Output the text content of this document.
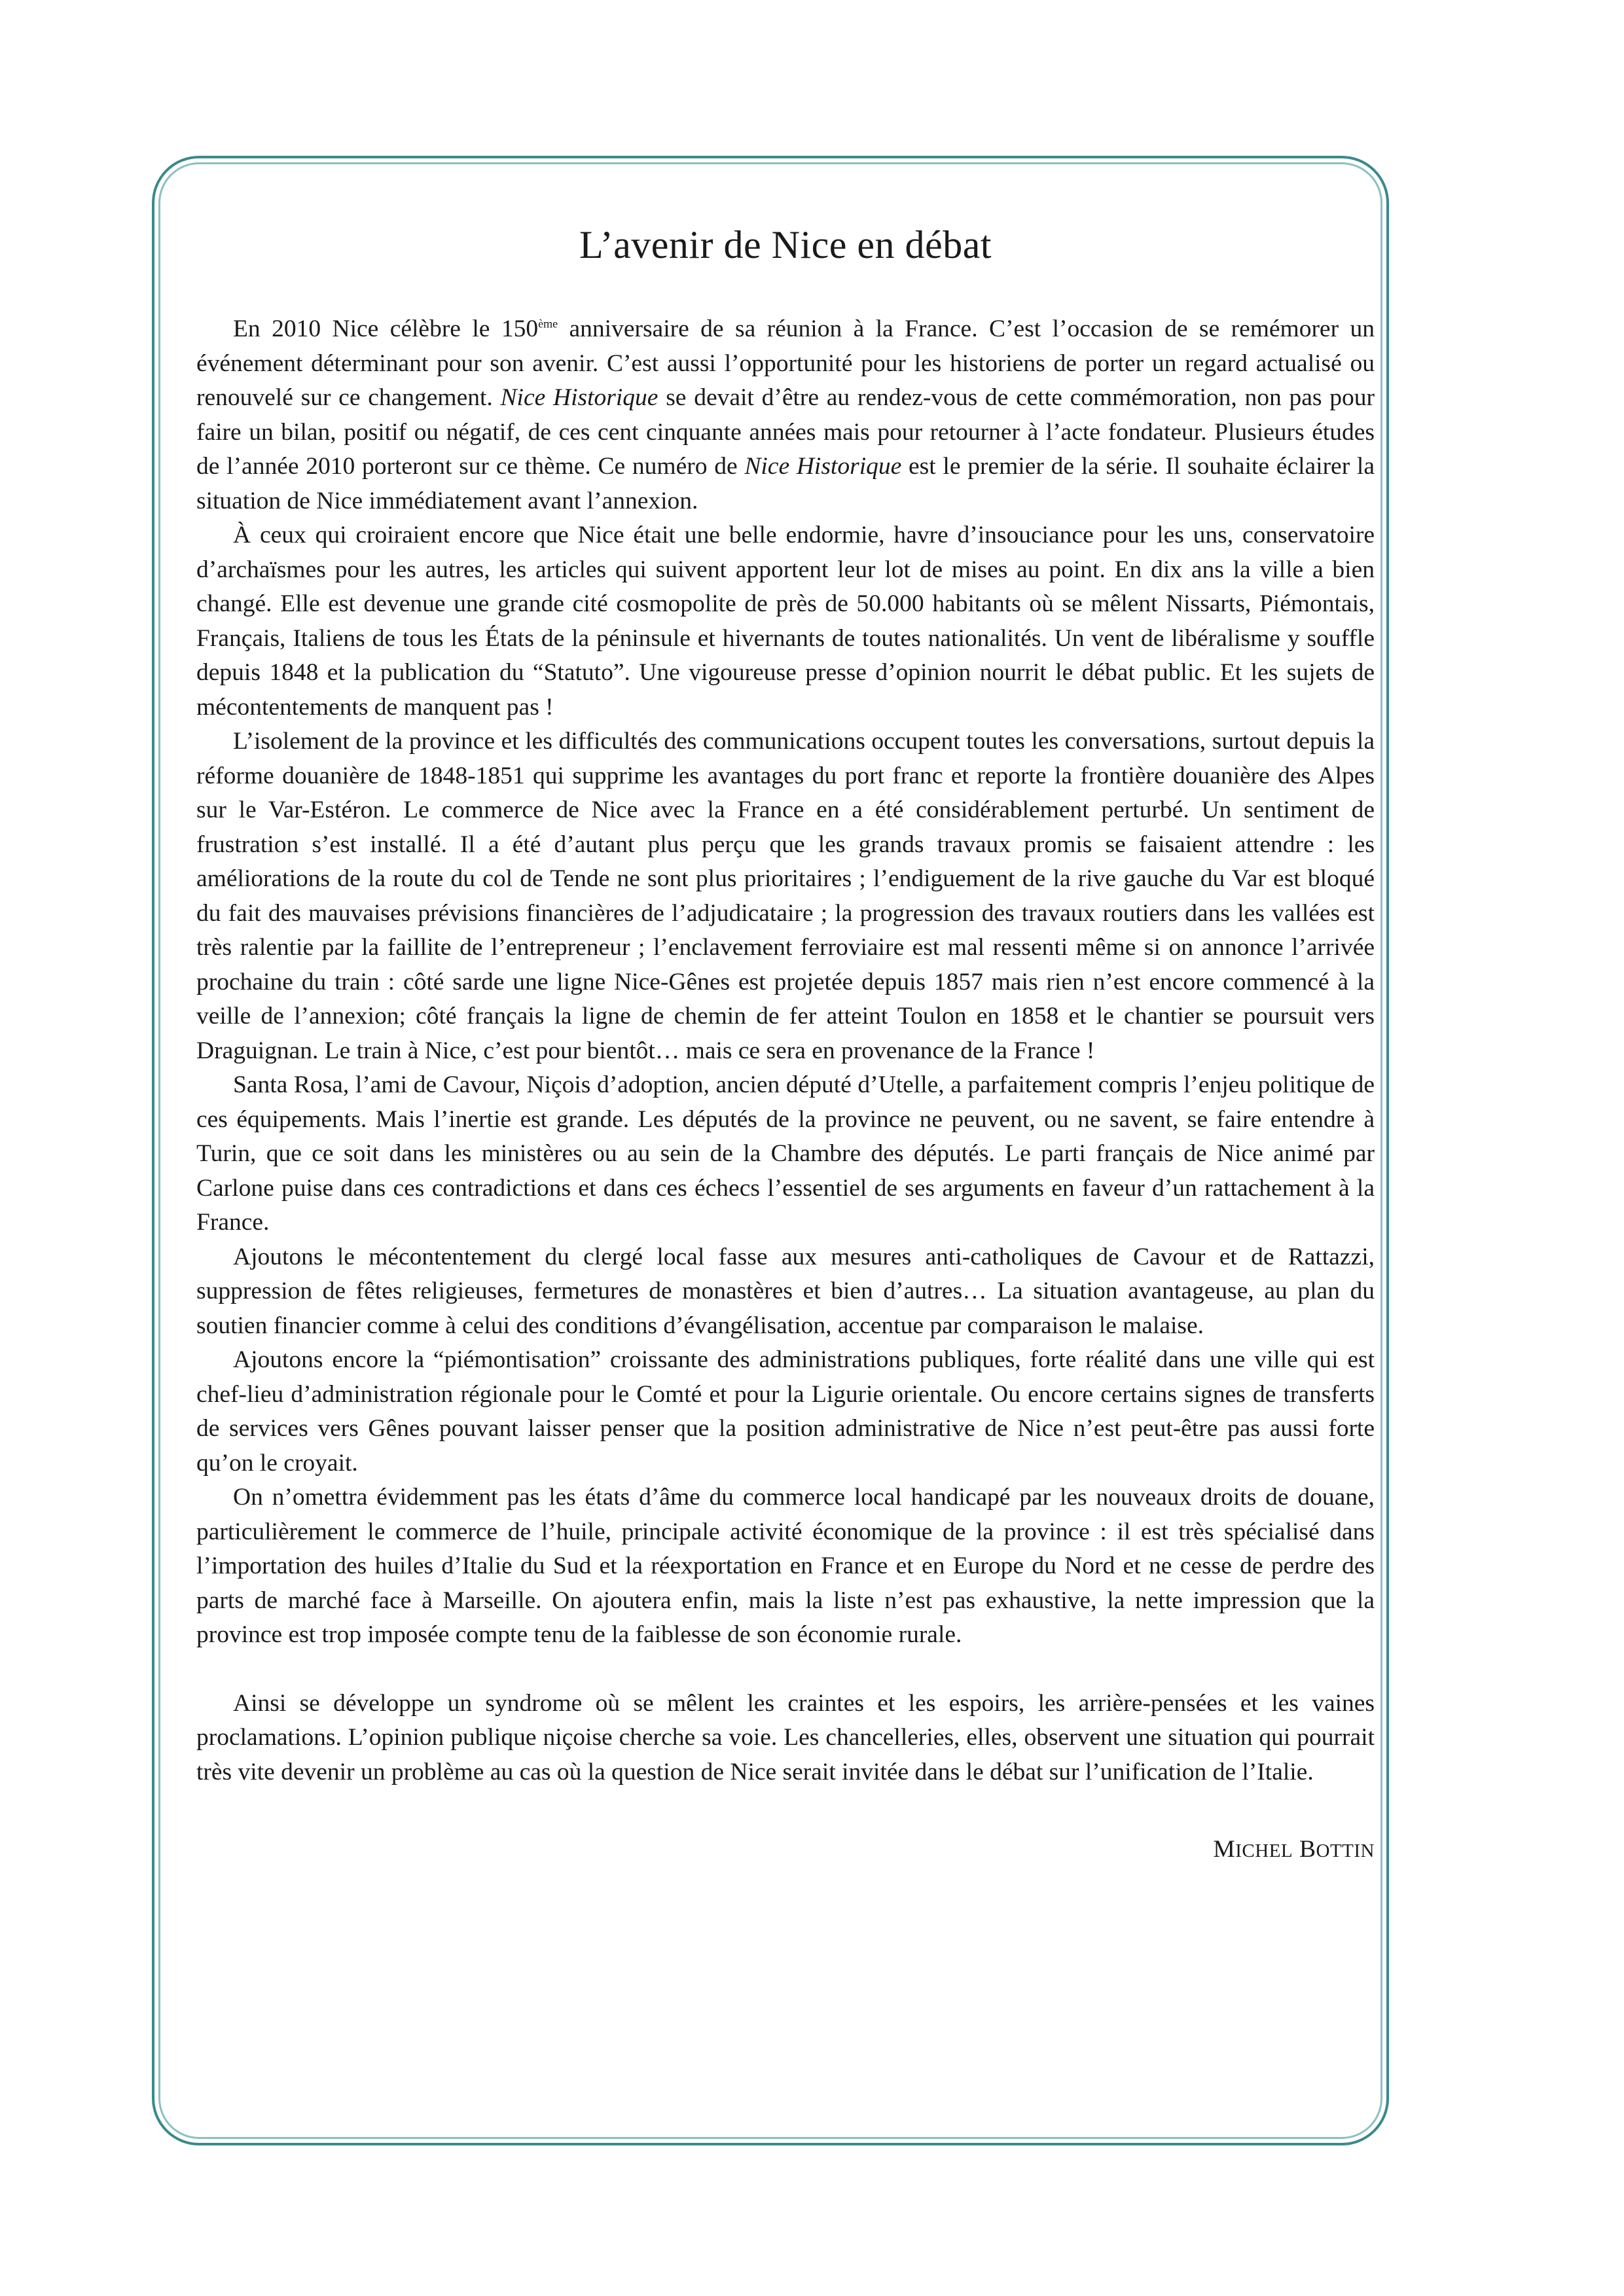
L’avenir de Nice en débat

En 2010 Nice célèbre le 150ème anniversaire de sa réunion à la France. C’est l’occasion de se remémorer un événement déterminant pour son avenir. C’est aussi l’opportunité pour les historiens de porter un regard actualisé ou renouvelé sur ce changement. Nice Historique se devait d’être au rendez-vous de cette commémoration, non pas pour faire un bilan, positif ou négatif, de ces cent cinquante années mais pour retourner à l’acte fondateur. Plusieurs études de l’année 2010 porteront sur ce thème. Ce numéro de Nice Historique est le premier de la série. Il souhaite éclairer la situation de Nice immédiatement avant l’annexion.

À ceux qui croiraient encore que Nice était une belle endormie, havre d’insouciance pour les uns, conservatoire d’archaïsmes pour les autres, les articles qui suivent apportent leur lot de mises au point. En dix ans la ville a bien changé. Elle est devenue une grande cité cosmopolite de près de 50.000 habitants où se mêlent Nissarts, Piémontais, Français, Italiens de tous les États de la péninsule et hivernants de toutes nationalités. Un vent de libéralisme y souffle depuis 1848 et la publication du “Statuto”. Une vigoureuse presse d’opinion nourrit le débat public. Et les sujets de mécontentements de manquent pas !

L’isolement de la province et les difficultés des communications occupent toutes les conversations, surtout depuis la réforme douanière de 1848-1851 qui supprime les avantages du port franc et reporte la frontière douanière des Alpes sur le Var-Estéron. Le commerce de Nice avec la France en a été considérablement perturbé. Un sentiment de frustration s’est installé. Il a été d’autant plus perçu que les grands travaux promis se faisaient attendre : les améliorations de la route du col de Tende ne sont plus prioritaires ; l’endiguement de la rive gauche du Var est bloqué du fait des mauvaises prévisions financières de l’adjudicataire ; la progression des travaux routiers dans les vallées est très ralentie par la faillite de l’entrepreneur ; l’enclavement ferroviaire est mal ressenti même si on annonce l’arrivée prochaine du train : côté sarde une ligne Nice-Gênes est projetée depuis 1857 mais rien n’est encore commencé à la veille de l’annexion; côté français la ligne de chemin de fer atteint Toulon en 1858 et le chantier se poursuit vers Draguignan. Le train à Nice, c’est pour bientôt… mais ce sera en provenance de la France !

Santa Rosa, l’ami de Cavour, Niçois d’adoption, ancien député d’Utelle, a parfaitement compris l’enjeu politique de ces équipements. Mais l’inertie est grande. Les députés de la province ne peuvent, ou ne savent, se faire entendre à Turin, que ce soit dans les ministères ou au sein de la Chambre des députés. Le parti français de Nice animé par Carlone puise dans ces contradictions et dans ces échecs l’essentiel de ses arguments en faveur d’un rattachement à la France.

Ajoutons le mécontentement du clergé local fasse aux mesures anti-catholiques de Cavour et de Rattazzi, suppression de fêtes religieuses, fermetures de monastères et bien d’autres… La situation avantageuse, au plan du soutien financier comme à celui des conditions d’évangélisation, accentue par comparaison le malaise.

Ajoutons encore la “piémontisation” croissante des administrations publiques, forte réalité dans une ville qui est chef-lieu d’administration régionale pour le Comté et pour la Ligurie orientale. Ou encore certains signes de transferts de services vers Gênes pouvant laisser penser que la position administrative de Nice n’est peut-être pas aussi forte qu’on le croyait.

On n’omettra évidemment pas les états d’âme du commerce local handicapé par les nouveaux droits de douane, particulièrement le commerce de l’huile, principale activité économique de la province : il est très spécialisé dans l’importation des huiles d’Italie du Sud et la réexportation en France et en Europe du Nord et ne cesse de perdre des parts de marché face à Marseille. On ajoutera enfin, mais la liste n’est pas exhaustive, la nette impression que la province est trop imposée compte tenu de la faiblesse de son économie rurale.

Ainsi se développe un syndrome où se mêlent les craintes et les espoirs, les arrière-pensées et les vaines proclamations. L’opinion publique niçoise cherche sa voie. Les chancelleries, elles, observent une situation qui pourrait très vite devenir un problème au cas où la question de Nice serait invitée dans le débat sur l’unification de l’Italie.

MICHEL BOTTIN
